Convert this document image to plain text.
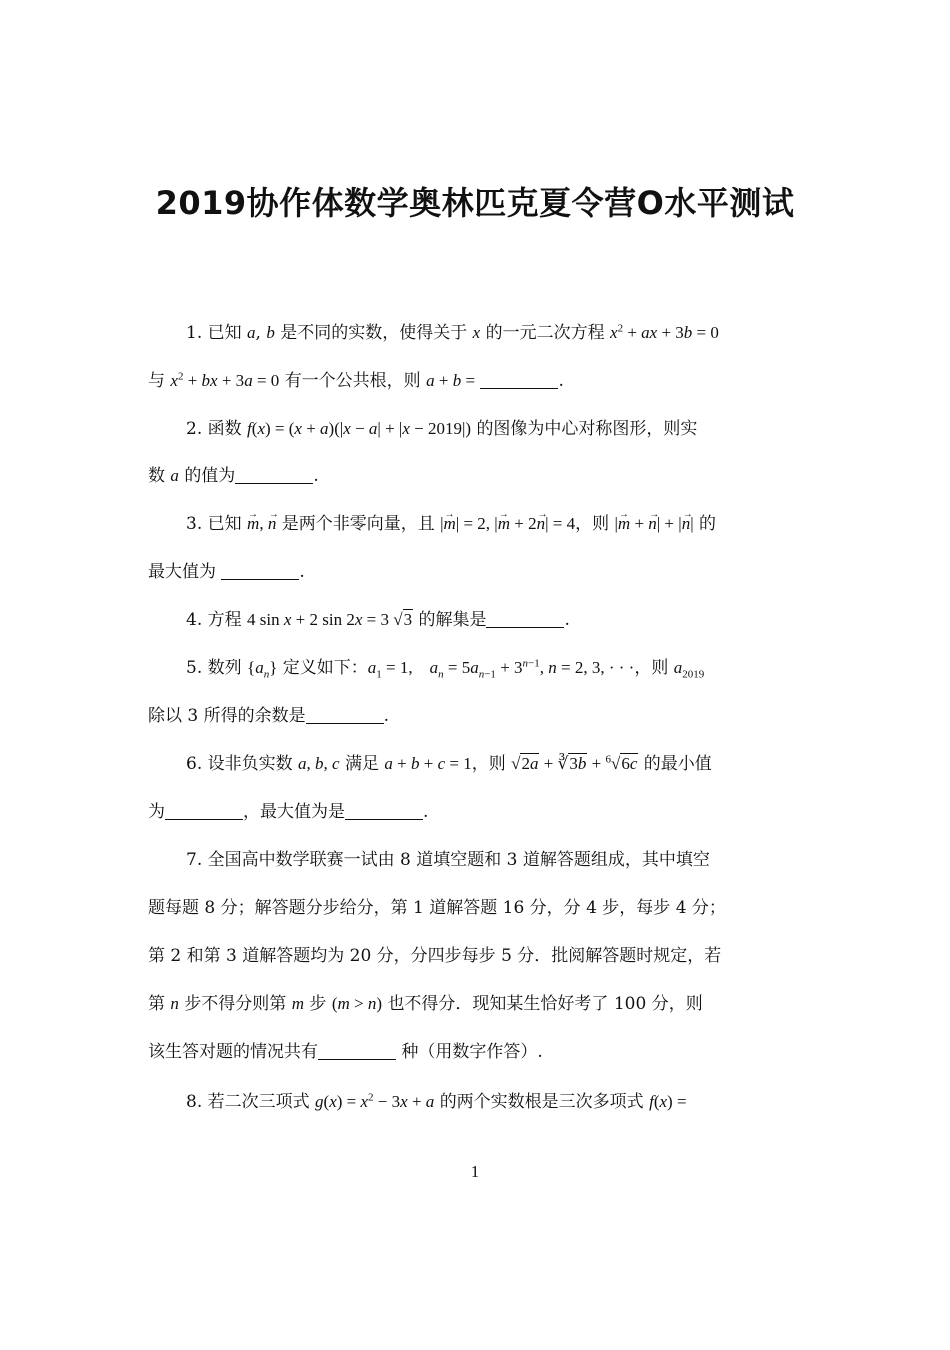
2019协作体数学奥林匹克夏令营O水平测试
1. 已知 a, b 是不同的实数，使得关于 x 的一元二次方程 $x^2$ + ax + 3b = 0
与 $x^2$ + bx + 3a = 0 有一个公共根，则 a + b =	.
2. 函数 f(x) = (x + a)(|x − a| + |x − 2019|) 的图像为中心对称图形，则实
数 a 的值为	.
3. 已知 → m, → n 是两个非零向量，且 |→ m| = 2, |→ m + 2→ n| = 4，则 |→ m + → n| + |→ n| 的
最大值为	.
4. 方程 4 sin x + 2 sin 2x = 3 √3 的解集是	.
5. 数列 $\{a_n\}$ 定义如下：$a_1 = 1$,    $a_n = 5a_{n-1} + 3^{n-1}$, n = 2, 3, · · ·，则 $a_{2019}$
除以 3 所得的余数是	.
6. 设非负实数 a, b, c 满足 a + b + c = 1，则 √2a + ∛3b + $^6$√6c 的最小值
为	，最大值为是	.
7. 全国高中数学联赛一试由 8 道填空题和 3 道解答题组成，其中填空
题每题 8 分；解答题分步给分，第 1 道解答题 16 分，分 4 步，每步 4 分；
第 2 和第 3 道解答题均为 20 分，分四步每步 5 分．批阅解答题时规定，若
第 n 步不得分则第 m 步 (m > n) 也不得分．现知某生恰好考了 100 分，则
该生答对题的情况共有	种（用数字作答）.
8. 若二次三项式 $g(x) = x^2 - 3x + a$ 的两个实数根是三次多项式 f(x) =
1
